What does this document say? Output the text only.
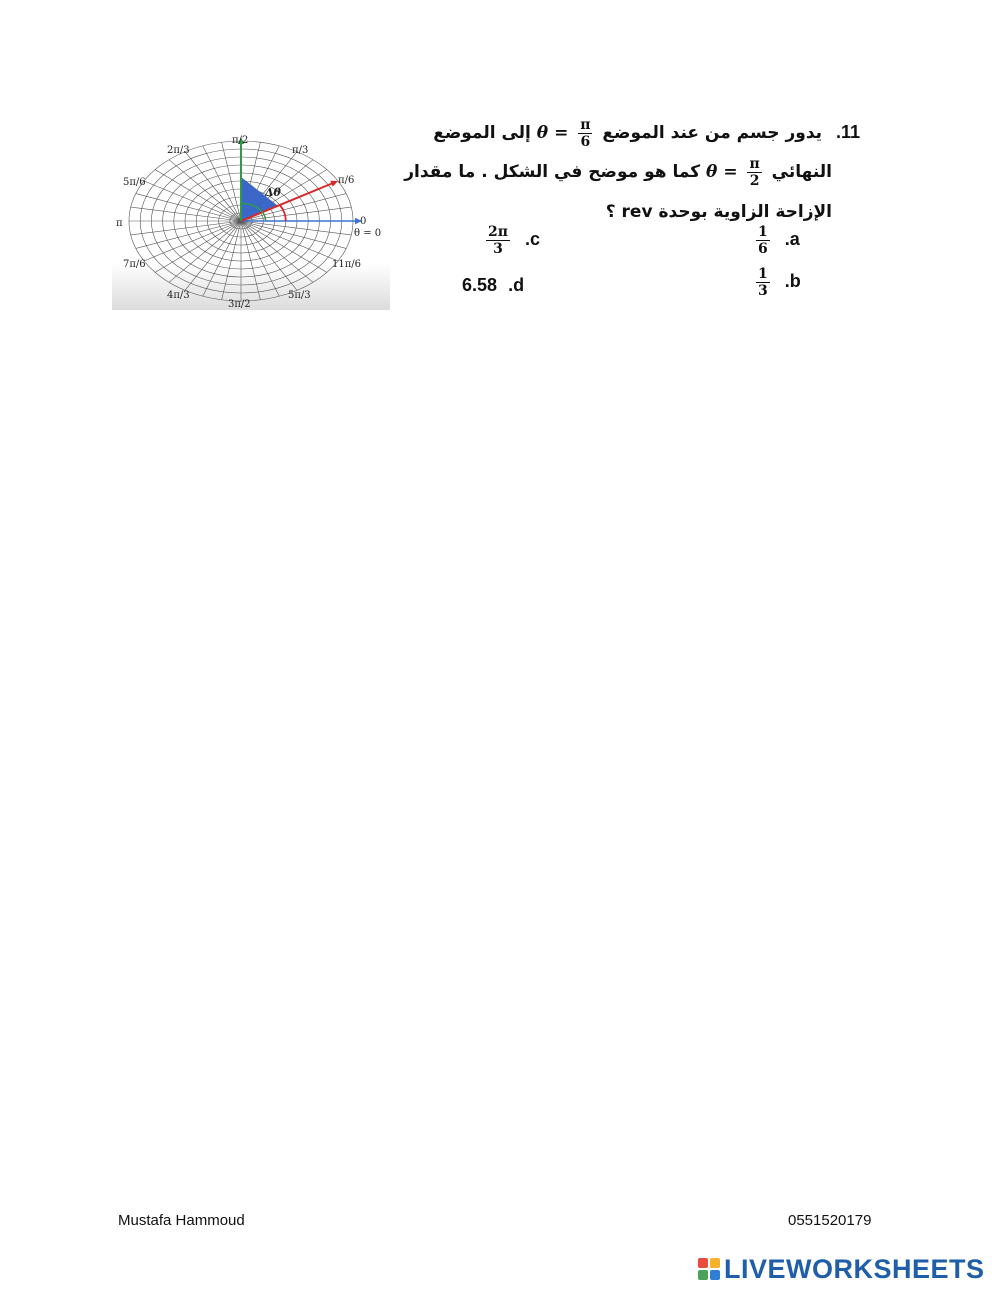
π/2
π/3
π/6
0
θ = 0
2π/3
5π/6
π
7π/6
4π/3
3π/2
5π/3
11π/6
Δθ
11. يدور جسم من عند الموضع
$\frac{\pi}{6}$
= θ إلى الموضع
النهائي
$\frac{\pi}{2}$
= θ كما هو موضح في الشكل . ما مقدار
الإزاحة الزاوية بوحدة rev ؟
$\frac{1}{6} .a$
$\frac{1}{3} .b$
$\frac{2\pi}{3} .c$
6.58 .d
Mustafa Hammoud	0551520179
LIVEWORKSHEETS
